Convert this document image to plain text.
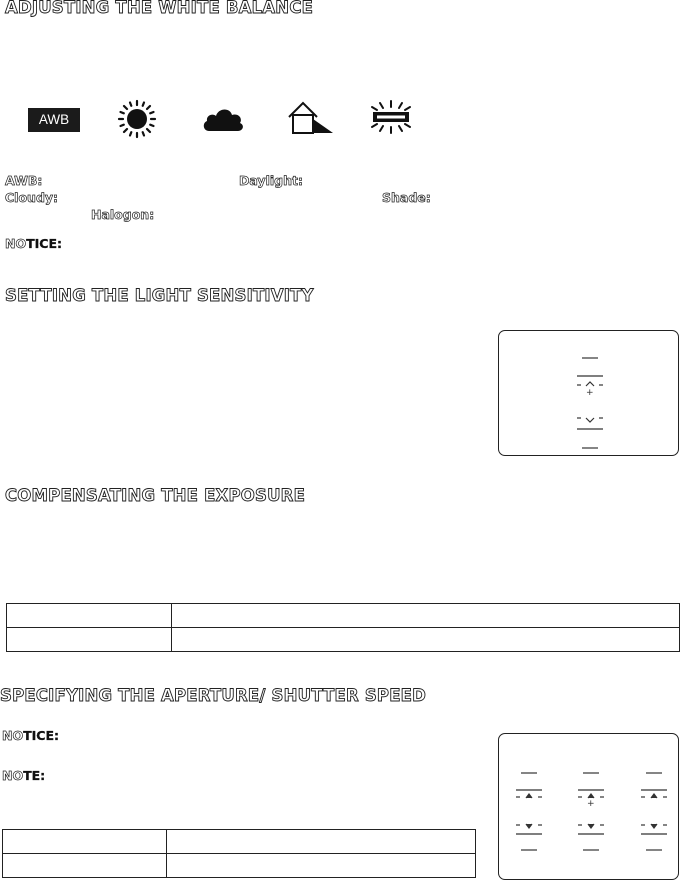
ADJUSTING THE WHITE BALANCE
AWB
AWB:	Daylight:
Cloudy:	Shade:
Halogon:
NOTICE:
SETTING THE LIGHT SENSITIVITY
+
COMPENSATING THE EXPOSURE

SPECIFYING THE APERTURE/ SHUTTER SPEED
NOTICE:
NOTE:

+
